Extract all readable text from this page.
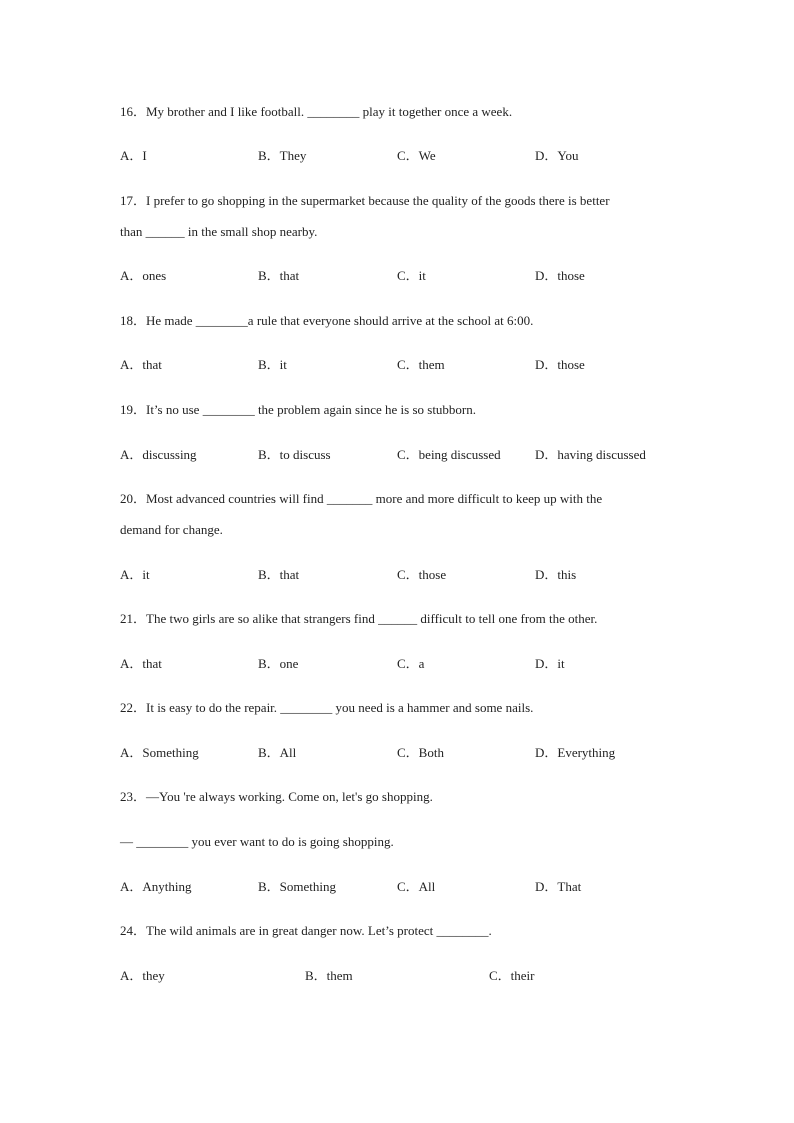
16．My brother and I like football. ________ play it together once a week.
A．I	B．They	C．We	D．You
17．I prefer to go shopping in the supermarket because the quality of the goods there is better
than ______ in the small shop nearby.
A．ones	B．that	C．it	D．those
18．He made ________a rule that everyone should arrive at the school at 6:00.
A．that	B．it	C．them	D．those
19．It’s no use ________ the problem again since he is so stubborn.
A．discussing	B．to discuss	C．being discussed	D．having discussed
20．Most advanced countries will find _______ more and more difficult to keep up with the
demand for change.
A．it	B．that	C．those	D．this
21．The two girls are so alike that strangers find ______ difficult to tell one from the other.
A．that	B．one	C．a	D．it
22．It is easy to do the repair. ________ you need is a hammer and some nails.
A．Something	B．All	C．Both	D．Everything
23．—You 're always working. Come on, let's go shopping.
— ________ you ever want to do is going shopping.
A．Anything	B．Something	C．All	D．That
24．The wild animals are in great danger now. Let’s protect ________.
A．they	B．them	C．their
